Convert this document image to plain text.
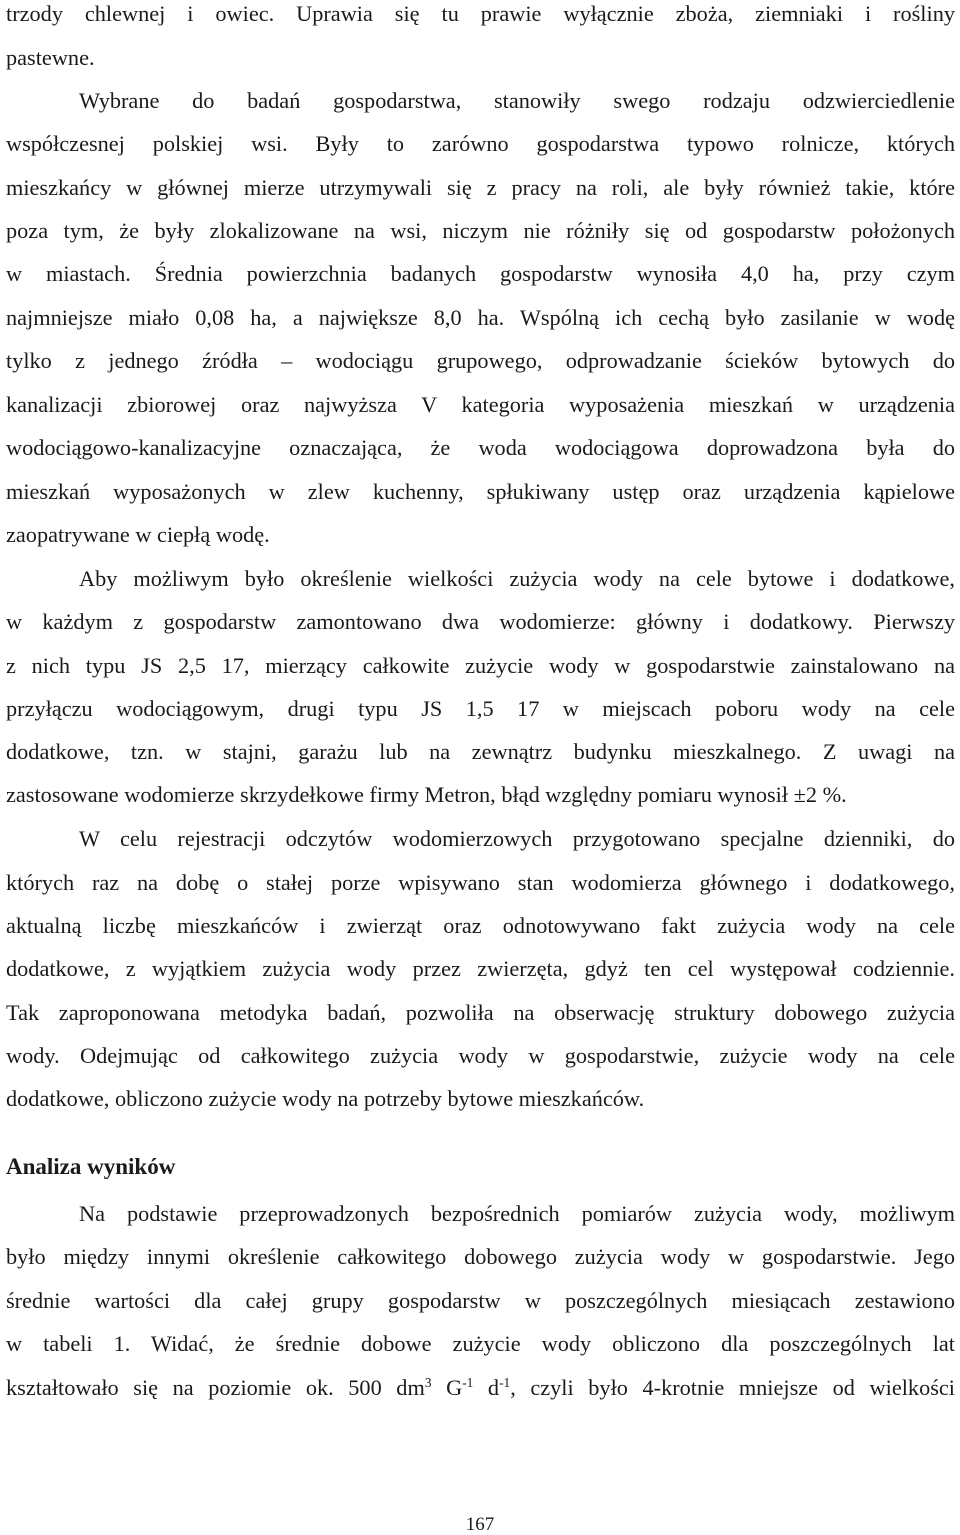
trzody chlewnej i owiec. Uprawia się tu prawie wyłącznie zboża, ziemniaki i rośliny
pastewne.
Wybrane do badań gospodarstwa, stanowiły swego rodzaju odzwierciedlenie
współczesnej polskiej wsi. Były to zarówno gospodarstwa typowo rolnicze, których
mieszkańcy w głównej mierze utrzymywali się z pracy na roli, ale były również takie, które
poza tym, że były zlokalizowane na wsi, niczym nie różniły się od gospodarstw położonych
w miastach. Średnia powierzchnia badanych gospodarstw wynosiła 4,0 ha, przy czym
najmniejsze miało 0,08 ha, a największe 8,0 ha. Wspólną ich cechą było zasilanie w wodę
tylko z jednego źródła – wodociągu grupowego, odprowadzanie ścieków bytowych do
kanalizacji zbiorowej oraz najwyższa V kategoria wyposażenia mieszkań w urządzenia
wodociągowo-kanalizacyjne oznaczająca, że woda wodociągowa doprowadzona była do
mieszkań wyposażonych w zlew kuchenny, spłukiwany ustęp oraz urządzenia kąpielowe
zaopatrywane w ciepłą wodę.
Aby możliwym było określenie wielkości zużycia wody na cele bytowe i dodatkowe,
w każdym z gospodarstw zamontowano dwa wodomierze: główny i dodatkowy. Pierwszy
z nich typu JS 2,5 17, mierzący całkowite zużycie wody w gospodarstwie zainstalowano na
przyłączu wodociągowym, drugi typu JS 1,5 17 w miejscach poboru wody na cele
dodatkowe, tzn. w stajni, garażu lub na zewnątrz budynku mieszkalnego. Z uwagi na
zastosowane wodomierze skrzydełkowe firmy Metron, błąd względny pomiaru wynosił ±2 %.
W celu rejestracji odczytów wodomierzowych przygotowano specjalne dzienniki, do
których raz na dobę o stałej porze wpisywano stan wodomierza głównego i dodatkowego,
aktualną liczbę mieszkańców i zwierząt oraz odnotowywano fakt zużycia wody na cele
dodatkowe, z wyjątkiem zużycia wody przez zwierzęta, gdyż ten cel występował codziennie.
Tak zaproponowana metodyka badań, pozwoliła na obserwację struktury dobowego zużycia
wody. Odejmując od całkowitego zużycia wody w gospodarstwie, zużycie wody na cele
dodatkowe, obliczono zużycie wody na potrzeby bytowe mieszkańców.
Analiza wyników
Na podstawie przeprowadzonych bezpośrednich pomiarów zużycia wody, możliwym
było między innymi określenie całkowitego dobowego zużycia wody w gospodarstwie. Jego
średnie wartości dla całej grupy gospodarstw w poszczególnych miesiącach zestawiono
w tabeli 1. Widać, że średnie dobowe zużycie wody obliczono dla poszczególnych lat
kształtowało się na poziomie ok. 500 $dm^3$ $G^{-1}$ $d^{-1}$, czyli było 4-krotnie mniejsze od wielkości
167
